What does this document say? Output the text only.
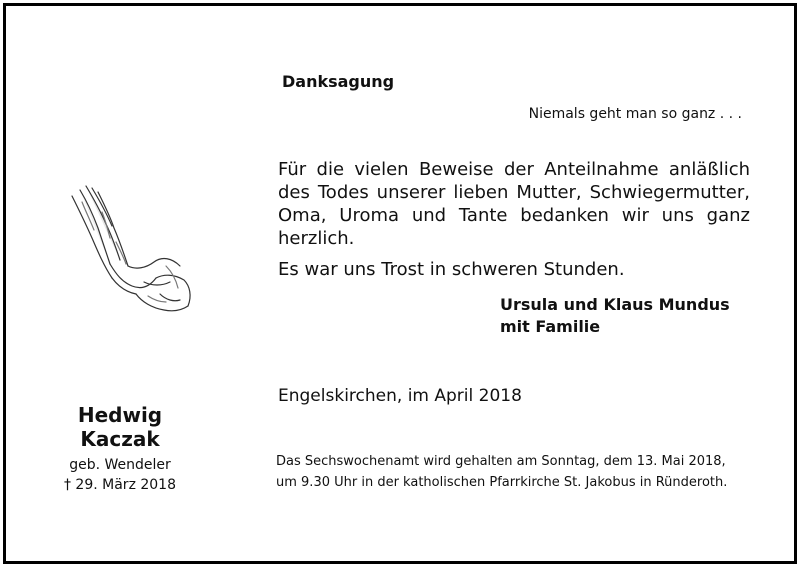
Danksagung
Niemals geht man so ganz . . .

Für die vielen Beweise der Anteilnahme anläßlich des Todes unserer lieben Mutter, Schwiegermutter, Oma, Uroma und Tante bedanken wir uns ganz herzlich.

Es war uns Trost in schweren Stunden.

Ursula und Klaus Mundus
mit Familie
Engelskirchen, im April 2018
Das Sechswochenamt wird gehalten am Sonntag, dem 13. Mai 2018,
um 9.30 Uhr in der katholischen Pfarrkirche St. Jakobus in Ründeroth.
Hedwig Kaczak
geb. Wendeler
† 29. März 2018
